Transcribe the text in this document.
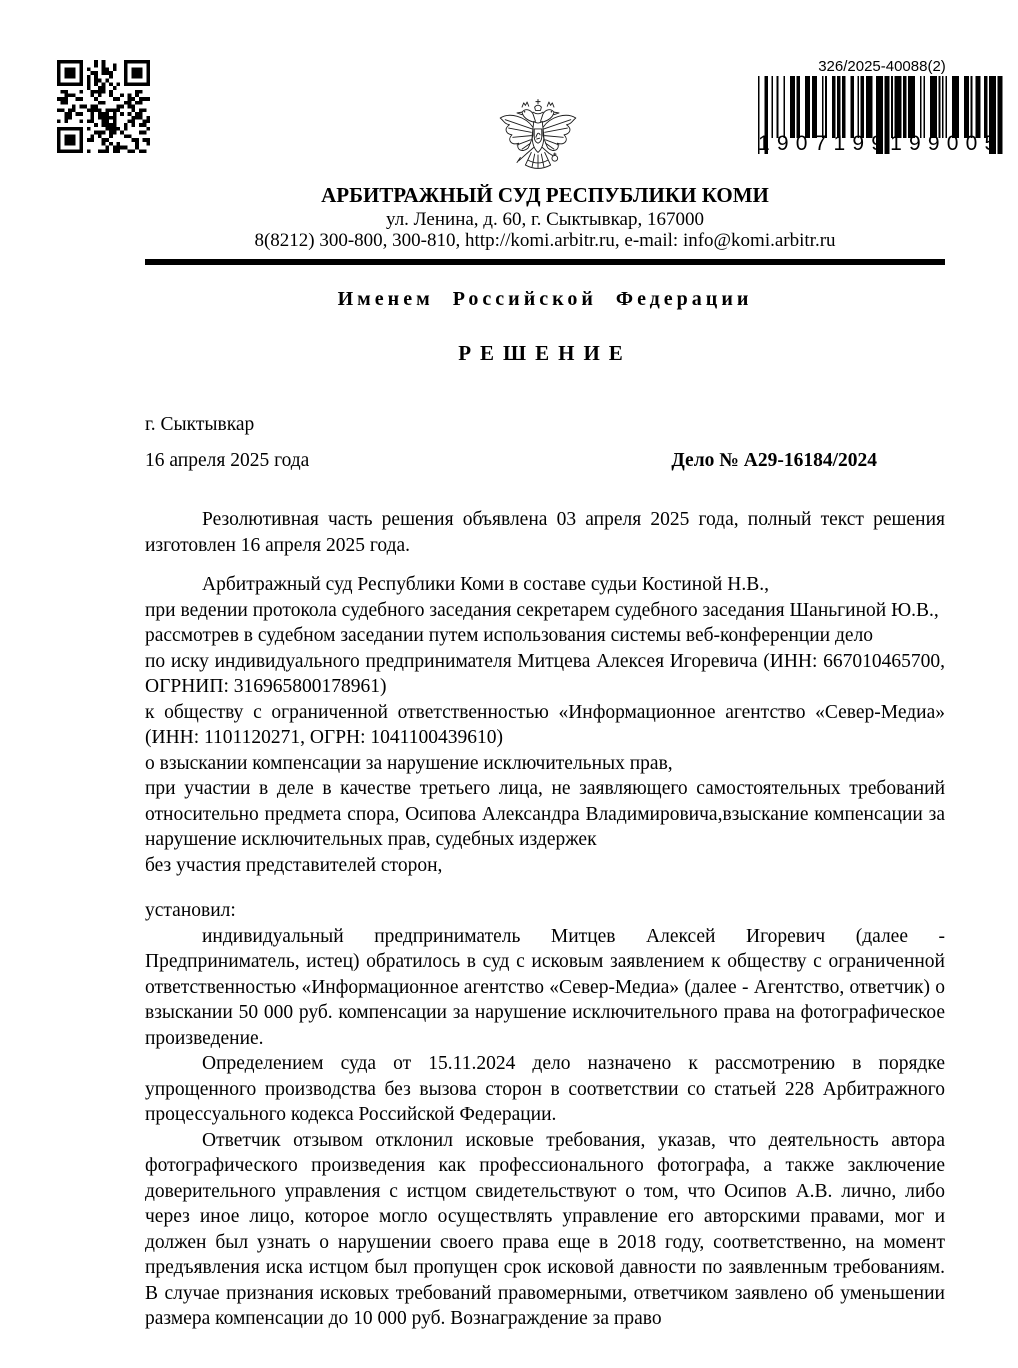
326/2025-40088(2)
1907199199005
АРБИТРАЖНЫЙ СУД РЕСПУБЛИКИ КОМИ
ул. Ленина, д. 60, г. Сыктывкар, 167000
8(8212) 300-800, 300-810, http://komi.arbitr.ru, e-mail: info@komi.arbitr.ru
Именем Российской Федерации
РЕШЕНИЕ
г. Сыктывкар
16 апреля 2025 года	Дело № А29-16184/2024
Резолютивная часть решения объявлена 03 апреля 2025 года, полный текст решения изготовлен 16 апреля 2025 года.
Арбитражный суд Республики Коми в составе судьи Костиной Н.В.,
при ведении протокола судебного заседания секретарем судебного заседания Шаньгиной Ю.В.,
рассмотрев в судебном заседании путем использования системы веб-конференции дело
по иску индивидуального предпринимателя Митцева Алексея Игоревича (ИНН: 667010465700, ОГРНИП: 316965800178961)
к обществу с ограниченной ответственностью «Информационное агентство «Север-Медиа» (ИНН: 1101120271, ОГРН: 1041100439610)
о взыскании компенсации за нарушение исключительных прав,
при участии в деле в качестве третьего лица, не заявляющего самостоятельных требований относительно предмета спора, Осипова Александра Владимировича,взыскание компенсации за нарушение исключительных прав, судебных издержек
без участия представителей сторон,
установил:
индивидуальный предприниматель Митцев Алексей Игоревич (далее - Предприниматель, истец) обратилось в суд с исковым заявлением к обществу с ограниченной ответственностью «Информационное агентство «Север-Медиа» (далее - Агентство, ответчик) о взыскании 50 000 руб. компенсации за нарушение исключительного права на фотографическое произведение.
Определением суда от 15.11.2024 дело назначено к рассмотрению в порядке упрощенного производства без вызова сторон в соответствии со статьей 228 Арбитражного процессуального кодекса Российской Федерации.
Ответчик отзывом отклонил исковые требования, указав, что деятельность автора фотографического произведения как профессионального фотографа, а также заключение доверительного управления с истцом свидетельствуют о том, что Осипов А.В. лично, либо через иное лицо, которое могло осуществлять управление его авторскими правами, мог и должен был узнать о нарушении своего права еще в 2018 году, соответственно, на момент предъявления иска истцом был пропущен срок исковой давности по заявленным требованиям. В случае признания исковых требований правомерными, ответчиком заявлено об уменьшении размера компенсации до 10 000 руб. Вознаграждение за право
